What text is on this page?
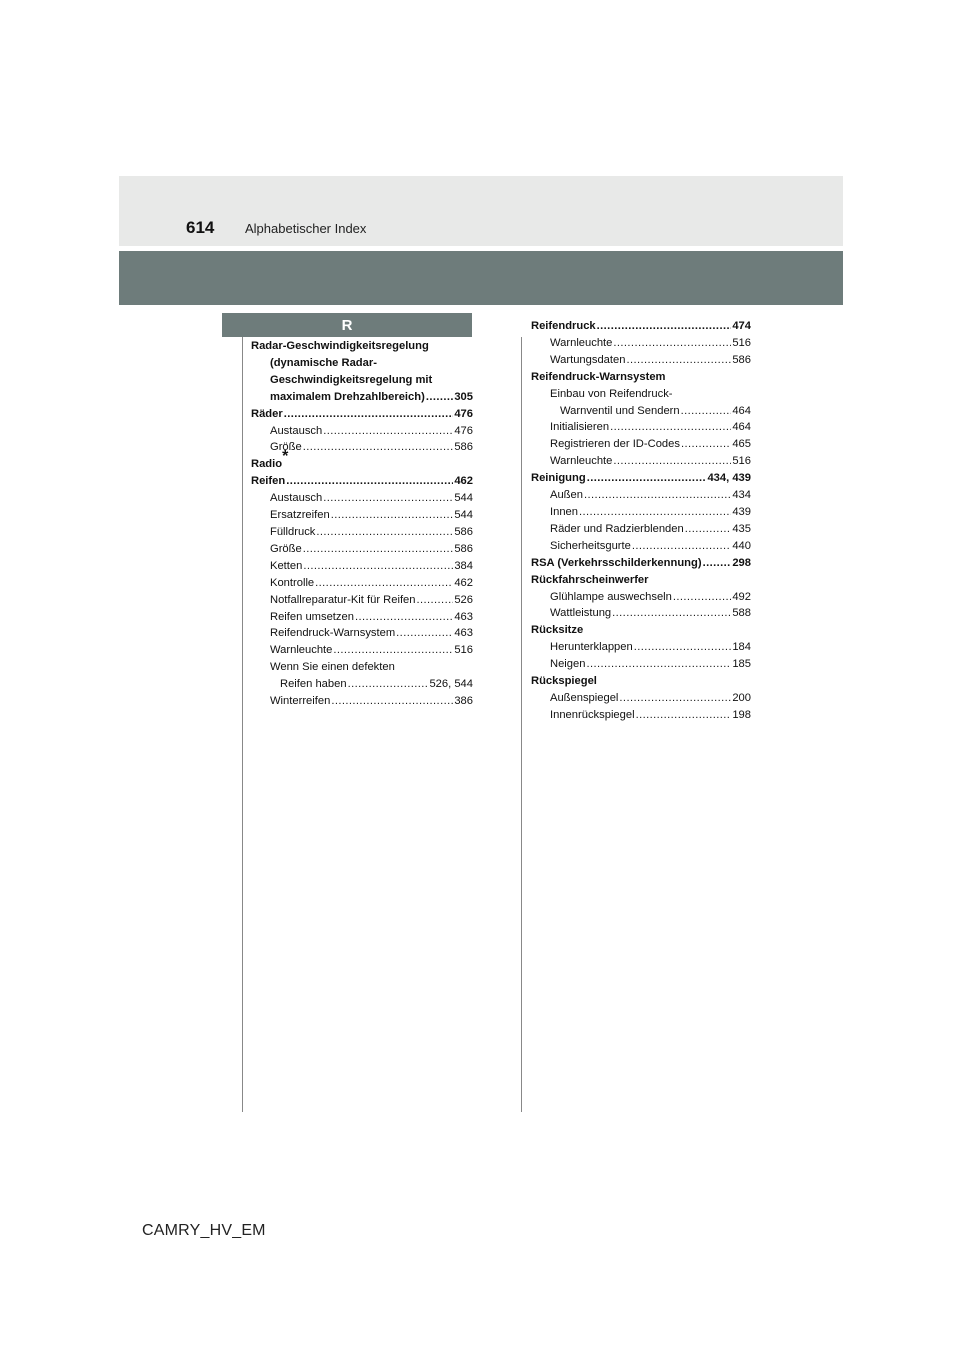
614 Alphabetischer Index
R
Radar-Geschwindigkeitsregelung
(dynamische Radar-
Geschwindigkeitsregelung mit
maximalem Drehzahlbereich) .....	305
Räder .....	476
Austausch .....	476
Größe .....	586
Radio*
Reifen .....	462
Austausch .....	544
Ersatzreifen .....	544
Fülldruck .....	586
Größe .....	586
Ketten .....	384
Kontrolle .....	462
Notfallreparatur-Kit für Reifen .....	526
Reifen umsetzen .....	463
Reifendruck-Warnsystem .....	463
Warnleuchte .....	516
Wenn Sie einen defekten
Reifen haben .....	526, 544
Winterreifen .....	386
Reifendruck .....	474
Warnleuchte .....	516
Wartungsdaten .....	586
Reifendruck-Warnsystem
Einbau von Reifendruck-
Warnventil und Sendern .....	464
Initialisieren .....	464
Registrieren der ID-Codes .....	465
Warnleuchte .....	516
Reinigung .....	434, 439
Außen .....	434
Innen .....	439
Räder und Radzierblenden .....	435
Sicherheitsgurte .....	440
RSA (Verkehrsschilderkennung) .....	298
Rückfahrscheinwerfer
Glühlampe auswechseln .....	492
Wattleistung .....	588
Rücksitze
Herunterklappen .....	184
Neigen .....	185
Rückspiegel
Außenspiegel .....	200
Innenrückspiegel .....	198
CAMRY_HV_EM
